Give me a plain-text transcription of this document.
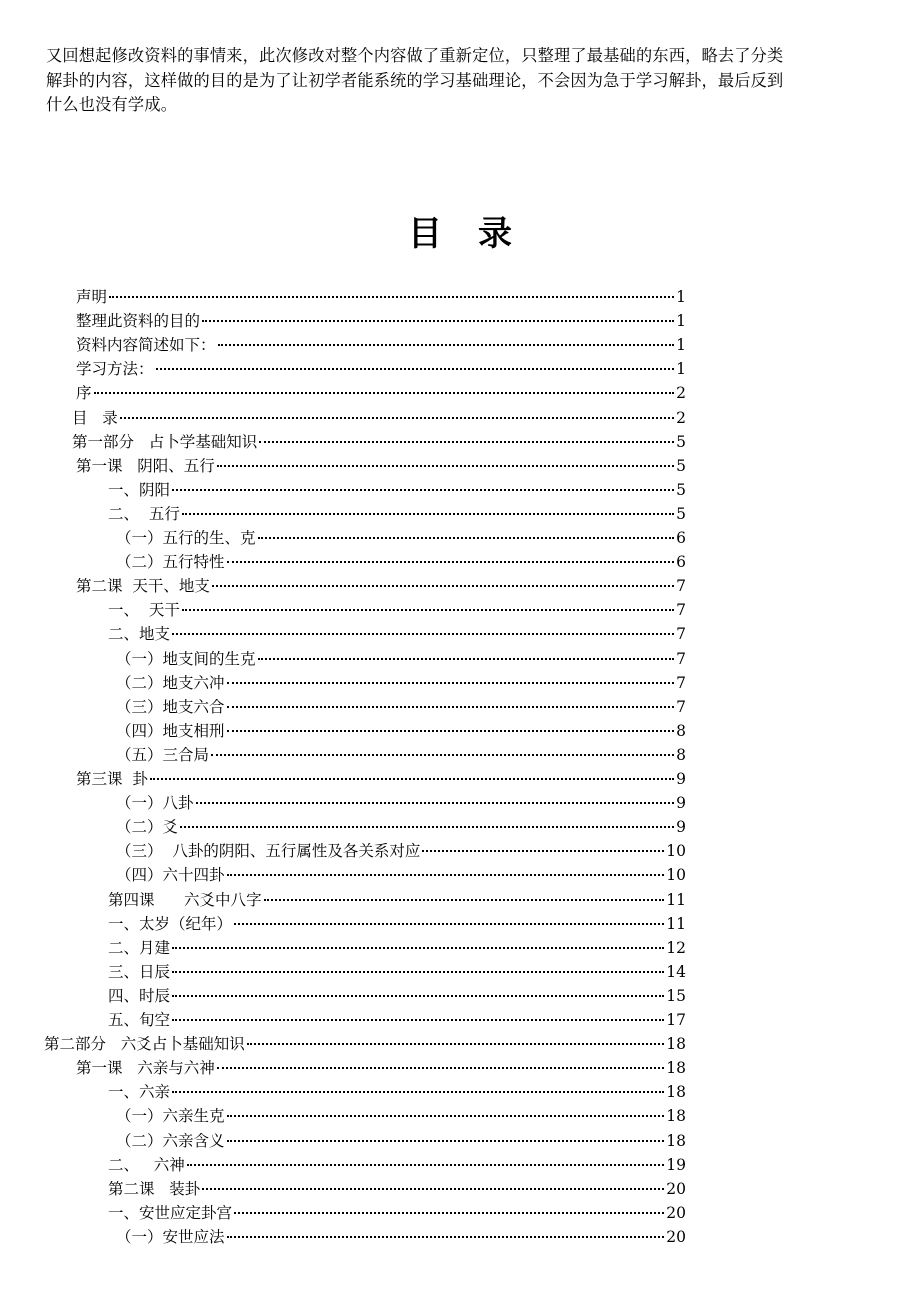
又回想起修改资料的事情来，此次修改对整个内容做了重新定位，只整理了最基础的东西，略去了分类
解卦的内容，这样做的目的是为了让初学者能系统的学习基础理论，不会因为急于学习解卦，最后反到
什么也没有学成。
目录
声明	1
整理此资料的目的	1
资料内容简述如下：	1
学习方法：	1
序	2
目   录	2
第一部分   占卜学基础知识	5
第一课   阴阳、五行	5
一、阴阳	5
二、  五行	5
（一）五行的生、克	6
（二）五行特性	6
第二课  天干、地支	7
一、  天干	7
二、地支	7
（一）地支间的生克	7
（二）地支六冲	7
（三）地支六合	7
（四）地支相刑	8
（五）三合局	8
第三课  卦	9
（一）八卦	9
（二）爻	9
（三）  八卦的阴阳、五行属性及各关系对应	10
（四）六十四卦	10
第四课      六爻中八字	11
一、太岁（纪年）	11
二、月建	12
三、日辰	14
四、时辰	15
五、旬空	17
第二部分   六爻占卜基础知识	18
第一课   六亲与六神	18
一、六亲	18
（一）六亲生克	18
（二）六亲含义	18
二、   六神	19
第二课   装卦	20
一、安世应定卦宫	20
（一）安世应法	20
